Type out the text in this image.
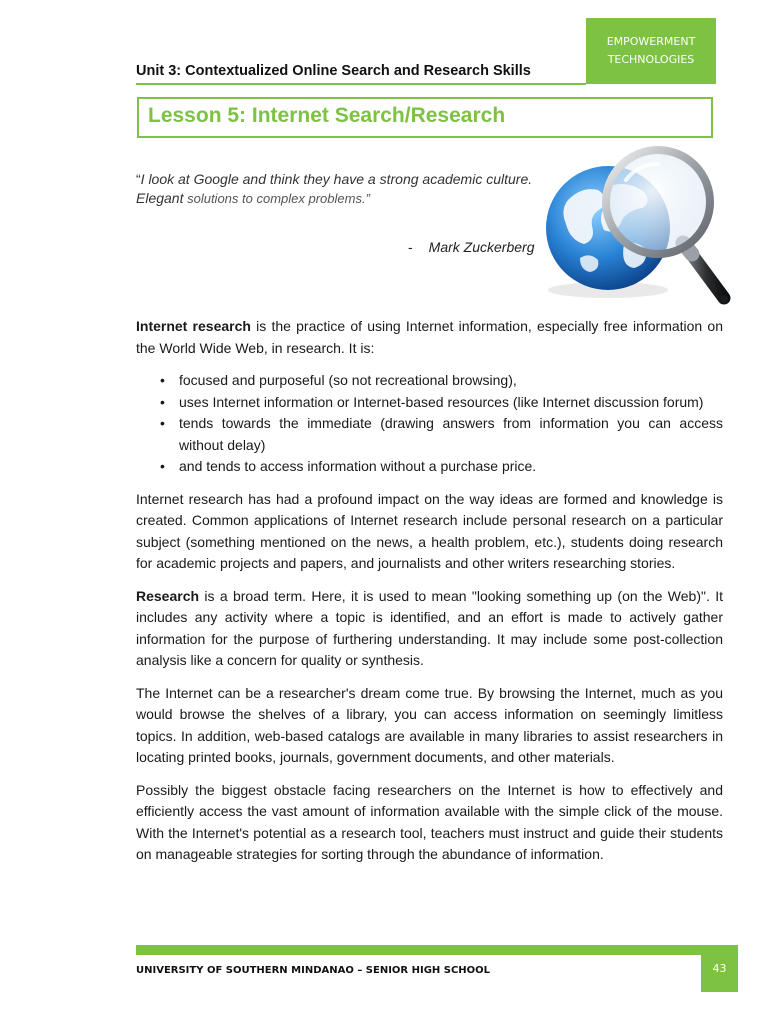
EMPOWERMENT
TECHNOLOGIES
Unit 3: Contextualized Online Search and Research Skills
Lesson 5: Internet Search/Research
“I look at Google and think they have a strong academic culture.
Elegant solutions to complex problems.”
- Mark Zuckerberg

Internet research is the practice of using Internet information, especially free information on the World Wide Web, in research. It is:

• focused and purposeful (so not recreational browsing),
• uses Internet information or Internet-based resources (like Internet discussion forum)
• tends towards the immediate (drawing answers from information you can access without delay)
• and tends to access information without a purchase price.

Internet research has had a profound impact on the way ideas are formed and knowledge is created. Common applications of Internet research include personal research on a particular subject (something mentioned on the news, a health problem, etc.), students doing research for academic projects and papers, and journalists and other writers researching stories.

Research is a broad term. Here, it is used to mean "looking something up (on the Web)". It includes any activity where a topic is identified, and an effort is made to actively gather information for the purpose of furthering understanding. It may include some post-collection analysis like a concern for quality or synthesis.

The Internet can be a researcher's dream come true. By browsing the Internet, much as you would browse the shelves of a library, you can access information on seemingly limitless topics. In addition, web-based catalogs are available in many libraries to assist researchers in locating printed books, journals, government documents, and other materials.

Possibly the biggest obstacle facing researchers on the Internet is how to effectively and efficiently access the vast amount of information available with the simple click of the mouse. With the Internet's potential as a research tool, teachers must instruct and guide their students on manageable strategies for sorting through the abundance of information.

43
UNIVERSITY OF SOUTHERN MINDANAO – SENIOR HIGH SCHOOL
